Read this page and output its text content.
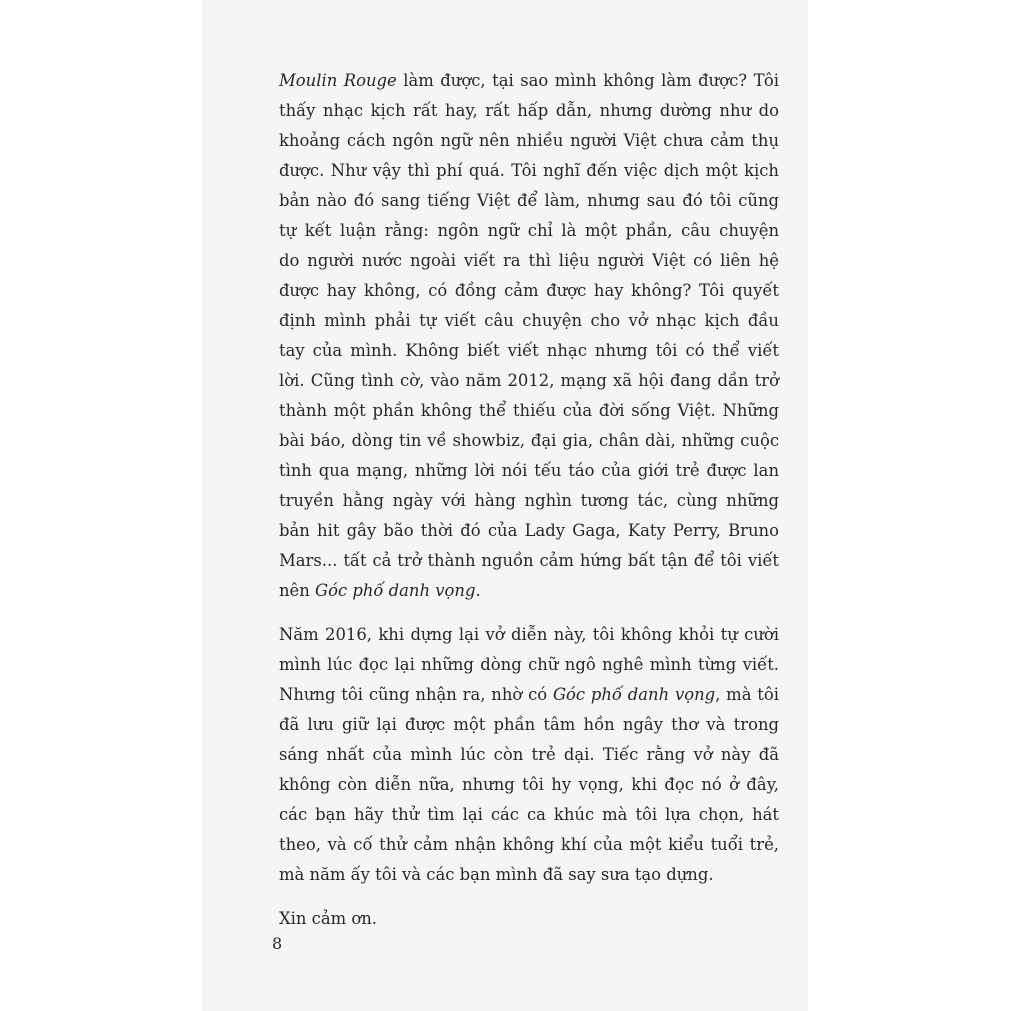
Moulin Rouge làm được, tại sao mình không làm được? Tôi
thấy nhạc kịch rất hay, rất hấp dẫn, nhưng dường như do
khoảng cách ngôn ngữ nên nhiều người Việt chưa cảm thụ
được. Như vậy thì phí quá. Tôi nghĩ đến việc dịch một kịch
bản nào đó sang tiếng Việt để làm, nhưng sau đó tôi cũng
tự kết luận rằng: ngôn ngữ chỉ là một phần, câu chuyện
do người nước ngoài viết ra thì liệu người Việt có liên hệ
được hay không, có đồng cảm được hay không? Tôi quyết
định mình phải tự viết câu chuyện cho vở nhạc kịch đầu
tay của mình. Không biết viết nhạc nhưng tôi có thể viết
lời. Cũng tình cờ, vào năm 2012, mạng xã hội đang dần trở
thành một phần không thể thiếu của đời sống Việt. Những
bài báo, dòng tin về showbiz, đại gia, chân dài, những cuộc
tình qua mạng, những lời nói tếu táo của giới trẻ được lan
truyền hằng ngày với hàng nghìn tương tác, cùng những
bản hit gây bão thời đó của Lady Gaga, Katy Perry, Bruno
Mars... tất cả trở thành nguồn cảm hứng bất tận để tôi viết
nên Góc phố danh vọng.
Năm 2016, khi dựng lại vở diễn này, tôi không khỏi tự cười
mình lúc đọc lại những dòng chữ ngô nghê mình từng viết.
Nhưng tôi cũng nhận ra, nhờ có Góc phố danh vọng, mà tôi
đã lưu giữ lại được một phần tâm hồn ngây thơ và trong
sáng nhất của mình lúc còn trẻ dại. Tiếc rằng vở này đã
không còn diễn nữa, nhưng tôi hy vọng, khi đọc nó ở đây,
các bạn hãy thử tìm lại các ca khúc mà tôi lựa chọn, hát
theo, và cố thử cảm nhận không khí của một kiểu tuổi trẻ,
mà năm ấy tôi và các bạn mình đã say sưa tạo dựng.
Xin cảm ơn.
8
